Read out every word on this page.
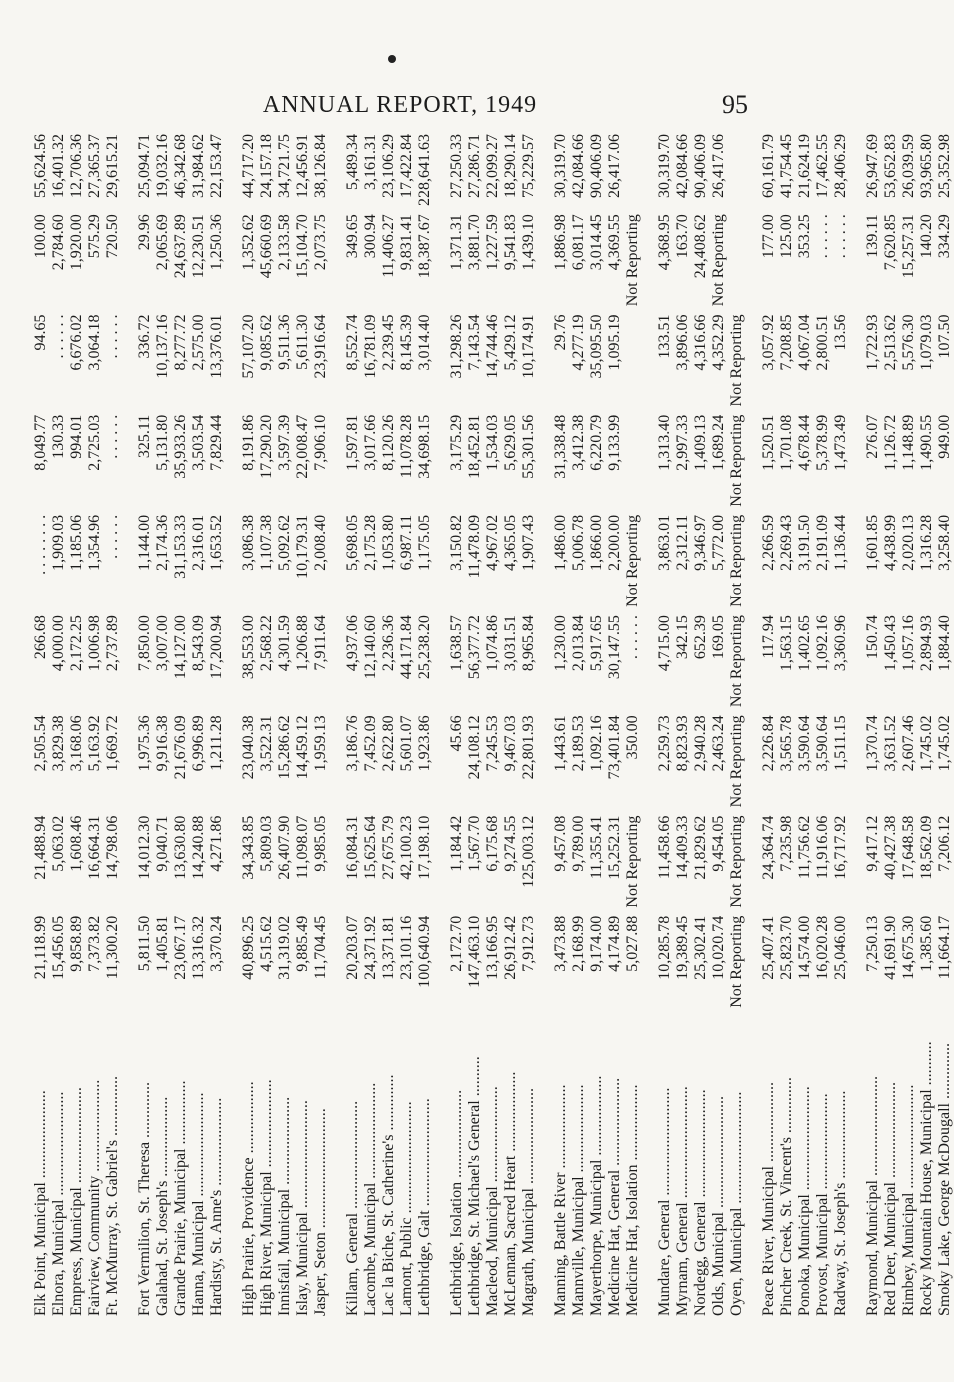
ANNUAL REPORT, 1949	95
Elk Point, Municipal ......................	21,118.99	21,488.94	2,505.54	266.68	. . . . . . . .	8,049.77	94.65	100.00	55,624.56
Elnora, Municipal ..........................	15,456.05	5,063.02	3,829.38	4,000.00	1,909.03	130.33	. . . . . .	2,784.60	16,401.32
Empress, Municipal ........................	9,858.89	1,608.46	3,168.06	2,172.25	1,185.06	994.01	6,676.02	1,920.00	12,706.36
Fairview, Community .......................	7,373.82	16,664.31	5,163.92	1,006.98	1,354.96	2,725.03	3,064.18	575.29	27,365.37
Ft. McMurray, St. Gabriel's ...............	11,300.20	14,798.06	1,669.72	2,737.89	. . . . . .	. . . . . .	. . . . . .	720.50	29,615.21

Fort Vermilion, St. Theresa ..............	5,811.50	14,012.30	1,975.36	7,850.00	1,144.00	325.11	336.72	29.96	25,094.71
Galahad, St. Joseph's ....................	1,405.81	9,040.71	9,916.38	3,007.00	2,174.36	5,131.80	10,137.16	2,065.69	19,032.16
Grande Prairie, Municipal ................	23,067.17	13,630.80	21,676.09	14,127.00	31,153.33	35,933.26	8,277.72	24,637.89	46,342.68
Hanna, Municipal ..........................	13,316.32	14,240.88	6,996.89	8,543.09	2,316.01	3,503.54	2,575.00	12,230.51	31,984.62
Hardisty, St. Anne's ......................	3,370.24	4,271.86	1,211.28	17,200.94	1,653.52	7,829.44	13,376.01	1,250.36	22,153.47

High Prairie, Providence ..................	40,896.25	34,343.85	23,040.38	38,553.00	3,086.38	8,191.86	57,107.20	1,352.62	44,717.20
High River, Municipal ......................	4,515.62	5,809.03	3,522.31	2,568.22	1,107.38	17,290.20	9,085.62	45,660.69	24,157.18
Innisfail, Municipal ......................	31,319.02	26,407.90	15,286.62	4,301.59	5,092.62	3,597.39	9,511.36	2,133.58	34,721.75
Islay, Municipal ...........................	9,885.49	11,098.07	14,459.12	1,206.88	10,179.31	22,008.47	5,611.30	15,104.70	12,456.91
Jasper, Seton ..............................	11,704.45	9,985.05	1,959.13	7,911.64	2,008.40	7,906.10	23,916.64	2,073.75	38,126.84

Killam, General ...........................	20,203.07	16,084.31	3,186.76	4,937.06	5,698.05	1,597.81	8,552.74	349.65	5,489.34
Lacombe, Municipal ........................	24,371.92	15,625.64	7,452.09	12,140.60	2,175.28	3,017.66	16,781.09	300.94	3,161.31
Lac la Biche, St. Catherine's ..............	13,371.81	27,675.79	2,622.80	2,236.36	1,053.80	8,120.26	2,239.45	11,406.27	23,106.29
Lamont, Public ............................	23,101.16	42,100.23	5,601.07	44,171.84	6,987.11	11,078.28	8,145.39	9,831.41	17,422.84
Lethbridge, Galt ...........................	100,640.94	17,198.10	1,923.86	25,238.20	1,175.05	34,698.15	3,014.40	18,387.67	228,641.63

Lethbridge, Isolation ......................	2,172.70	1,184.42	45.66	1,638.57	3,150.82	3,175.29	31,298.26	1,371.31	27,250.33
Lethbridge, St. Michael's General ..........	147,463.10	1,567.70	24,108.12	56,377.72	11,478.09	18,452.81	7,143.54	3,881.70	27,286.71
Macleod, Municipal ........................	13,166.95	6,175.68	7,245.53	1,074.86	4,967.02	1,534.03	14,744.46	1,227.59	22,099.27
McLennan, Sacred Heart ....................	26,912.42	9,274.55	9,467.03	3,031.51	4,365.05	5,629.05	5,429.12	9,541.83	18,290.14
Magrath, Municipal ........................	7,912.73	125,003.12	22,801.93	8,965.84	1,907.43	55,301.56	10,174.91	1,439.10	75,229.57

Manning, Battle River .....................	3,473.88	9,457.08	1,443.61	1,230.00	1,486.00	31,338.48	29.76	1,886.98	30,319.70
Mannville, Municipal ......................	2,168.99	9,789.00	2,189.53	2,013.84	5,006.78	3,412.38	4,277.19	6,081.17	42,084.66
Mayerthorpe, Municipal ....................	9,174.00	11,355.41	1,092.16	5,917.65	1,866.00	6,220.79	35,095.50	3,014.45	90,406.09
Medicine Hat, General ......................	4,174.89	15,252.31	73,401.84	30,147.55	2,200.00	9,133.99	1,095.19	4,369.55	26,417.06
Medicine Hat, Isolation ...................	5,027.88	Not Reporting	350.00	. . . . . .	Not Reporting			Not Reporting	

Mundare, General ...........................	10,285.78	11,458.66	2,259.73	4,715.00	3,863.01	1,313.40	133.51	4,368.95	30,319.70
Myrnam, General ............................	19,389.45	14,409.33	8,823.93	342.15	2,312.11	2,997.33	3,896.06	163.70	42,084.66
Nordegg, General ...........................	25,302.41	21,829.62	2,940.28	652.39	9,346.97	1,409.13	4,316.66	24,408.62	90,406.09
Olds, Municipal ............................	10,020.74	9,454.05	2,463.24	169.05	5,772.00	1,689.24	4,352.29	Not Reporting	26,417.06
Oyen, Municipal ............................	Not Reporting	Not Reporting	Not Reporting	Not Reporting	Not Reporting	Not Reporting	Not Reporting		

Peace River, Municipal ....................	25,407.41	24,364.74	2,226.84	117.94	2,266.59	1,520.51	3,057.92	177.00	60,161.79
Pincher Creek, St. Vincent's ..............	25,823.70	7,235.98	3,565.78	1,563.15	2,269.43	1,701.08	7,208.85	125.00	41,754.45
Ponoka, Municipal ..........................	14,574.00	11,756.62	3,590.64	1,402.65	3,191.50	4,678.44	4,067.04	353.25	21,624.19
Provost, Municipal ........................	16,020.28	11,916.06	3,590.64	1,092.16	2,191.09	5,378.99	2,800.51	. . . . . .	17,462.55
Radway, St. Joseph's ......................	25,046.00	16,717.92	1,511.15	3,360.96	1,136.44	1,473.49	13.56	. . . . . .	28,406.29

Raymond, Municipal .........................	7,250.13	9,417.12	1,370.74	150.74	1,601.85	276.07	1,722.93	139.11	26,947.69
Red Deer, Municipal ........................	41,691.90	40,427.38	3,631.52	1,450.43	4,438.99	1,126.72	2,513.62	7,620.85	53,652.83
Rimbey, Municipal ..........................	14,675.30	17,648.58	2,607.46	1,057.16	2,020.13	1,148.89	5,576.30	15,257.31	26,039.59
Rocky Mountain House, Municipal ...........	1,385.60	18,562.09	1,745.02	2,894.93	1,316.28	1,490.55	1,079.03	140.20	93,965.80
Smoky Lake, George McDougall ..............	11,664.17	7,206.12	1,745.02	1,884.40	3,258.40	949.00	107.50	334.29	25,352.98
